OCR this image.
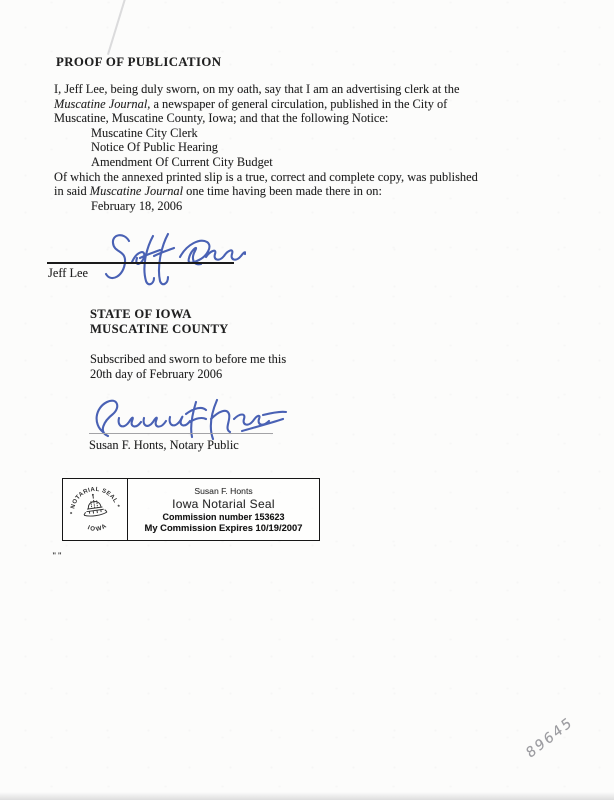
PROOF OF PUBLICATION
I, Jeff Lee, being duly sworn, on my oath, say that I am an advertising clerk at the
Muscatine Journal, a newspaper of general circulation, published in the City of
Muscatine, Muscatine County, Iowa; and that the following Notice:
Muscatine City Clerk
Notice Of Public Hearing
Amendment Of Current City Budget
Of which the annexed printed slip is a true, correct and complete copy, was published
in said Muscatine Journal one time having been made there in on:
February 18, 2006
Jeff Lee
STATE OF IOWA
MUSCATINE COUNTY
Subscribed and sworn to before me this
20th day of February 2006
Susan F. Honts, Notary Public
* NOTARIAL SEAL *
IOWA
Susan F. Honts
Iowa Notarial Seal
Commission number 153623
My Commission Expires 10/19/2007
""
89645
